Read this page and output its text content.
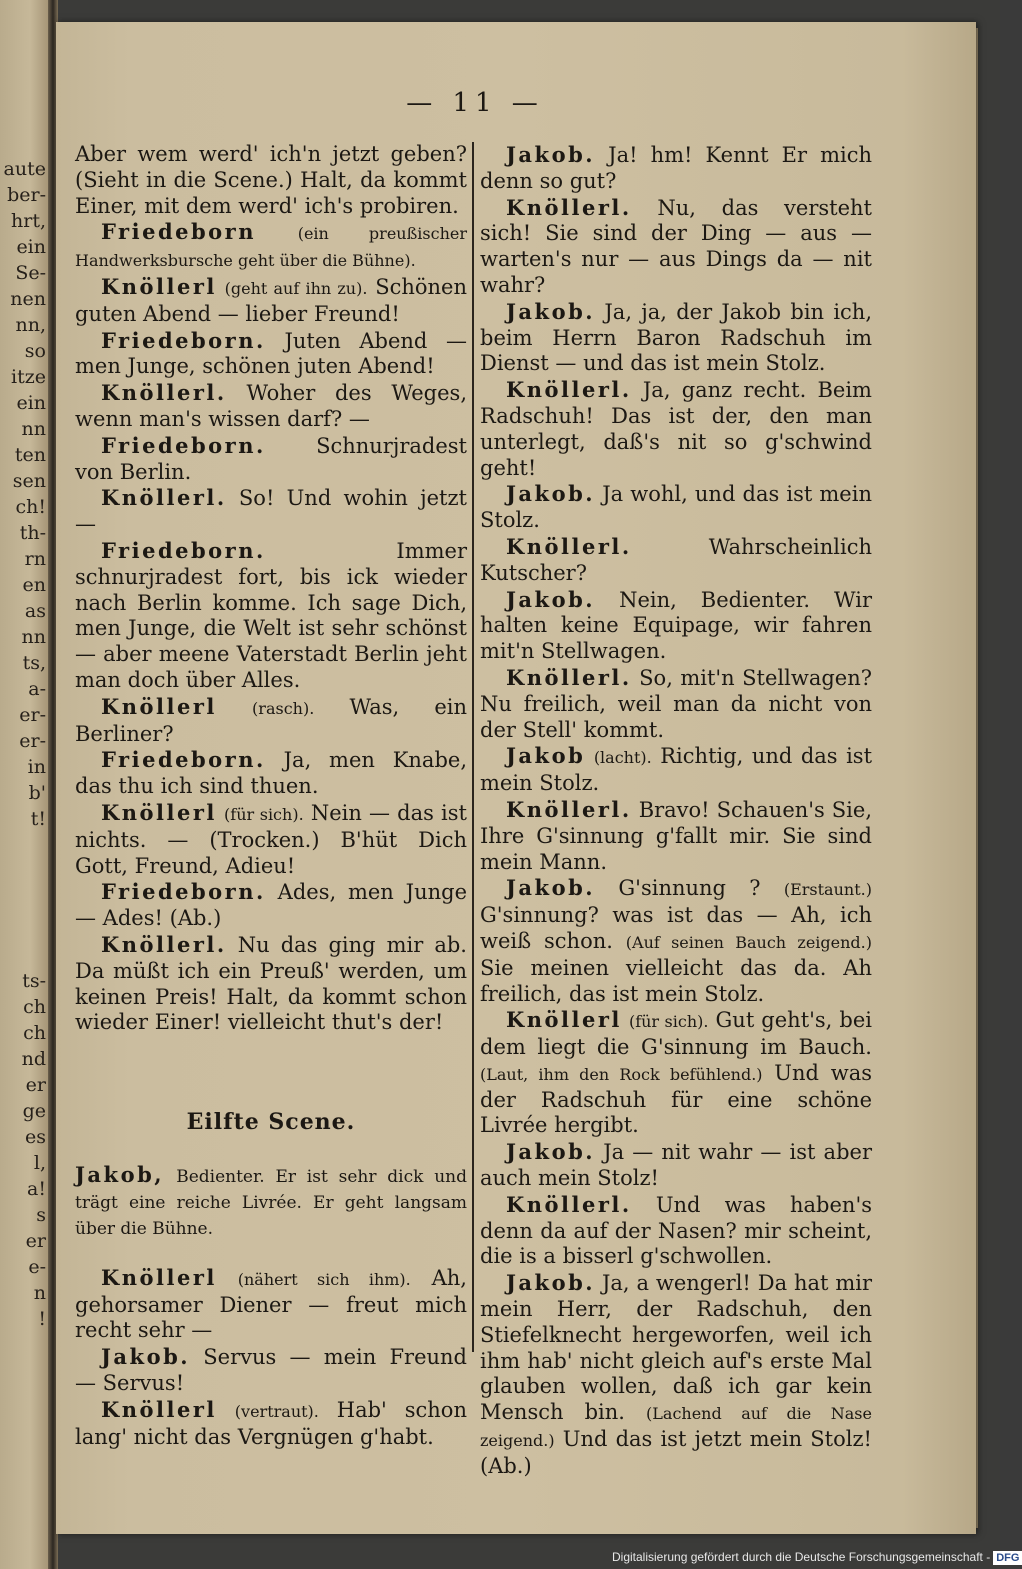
aute
ber-
hrt,
ein
Se-
nen
nn,
so
itze
ein
nn
ten
sen
ch!
th-
rn
en
as
nn
ts,
a-
er-
er-
in
b'
t!
ts-
ch
ch
nd
er
ge
es
l,
a!
s
er
e-
n
!
— 11 —

Aber wem werd' ich'n jetzt geben? (Sieht in die Scene.) Halt, da kommt Einer, mit dem werd' ich's probiren.

Friedeborn	(ein preußischer Handwerksbursche geht über die Bühne).

Knöllerl (geht auf ihn zu). Schönen guten Abend — lieber Freund!

Friedeborn. Juten Abend — men Junge, schönen juten Abend!

Knöllerl. Woher des Weges, wenn man's wissen darf? —

Friedeborn. Schnurjradest von Berlin.

Knöllerl. So! Und wohin jetzt —

Friedeborn.	Immer schnurjradest fort, bis ick wieder nach Berlin komme. Ich sage Dich, men Junge, die Welt ist sehr schönst — aber meene Vaterstadt Berlin jeht man doch über Alles.

Knöllerl (rasch). Was, ein Berliner?

Friedeborn. Ja, men Knabe, das thu ich sind thuen.

Knöllerl (für sich). Nein — das ist nichts. — (Trocken.) B'hüt Dich Gott, Freund, Adieu!

Friedeborn. Ades, men Junge — Ades! (Ab.)

Knöllerl. Nu das ging mir ab. Da müßt ich ein Preuß' werden, um keinen Preis! Halt, da kommt schon wieder Einer! vielleicht thut's der!

Eilfte Scene.

Jakob, Bedienter. Er ist sehr dick und trägt eine reiche Livrée. Er geht langsam über die Bühne.

Knöllerl (nähert sich ihm). Ah, gehorsamer Diener — freut mich recht sehr —

Jakob. Servus — mein Freund — Servus!

Knöllerl (vertraut). Hab' schon lang' nicht das Vergnügen g'habt.

Jakob. Ja! hm! Kennt Er mich denn so gut?

Knöllerl. Nu, das versteht sich! Sie sind der Ding — aus — warten's nur — aus Dings da — nit wahr?

Jakob. Ja, ja, der Jakob bin ich, beim Herrn Baron Radschuh im Dienst — und das ist mein Stolz.

Knöllerl. Ja, ganz recht. Beim Radschuh! Das ist der, den man unterlegt, daß's nit so g'schwind geht!

Jakob. Ja wohl, und das ist mein Stolz.

Knöllerl.	Wahrscheinlich Kutscher?

Jakob. Nein, Bedienter. Wir halten keine Equipage, wir fahren mit'n Stellwagen.

Knöllerl. So, mit'n Stellwagen? Nu freilich, weil man da nicht von der Stell' kommt.

Jakob (lacht). Richtig, und das ist mein Stolz.

Knöllerl. Bravo! Schauen's Sie, Ihre G'sinnung g'fallt mir. Sie sind mein Mann.

Jakob. G'sinnung ? (Erstaunt.) G'sinnung? was ist das — Ah, ich weiß schon. (Auf seinen Bauch zeigend.) Sie meinen vielleicht das da. Ah freilich, das ist mein Stolz.

Knöllerl (für sich). Gut geht's, bei dem liegt die G'sinnung im Bauch. (Laut, ihm den Rock befühlend.) Und was der Radschuh für eine schöne Livrée hergibt.

Jakob. Ja — nit wahr — ist aber auch mein Stolz!

Knöllerl. Und was haben's denn da auf der Nasen? mir scheint, die is a bisserl g'schwollen.

Jakob. Ja, a wengerl! Da hat mir mein Herr, der Radschuh, den Stiefelknecht hergeworfen, weil ich ihm hab' nicht gleich auf's erste Mal glauben wollen, daß ich gar kein Mensch bin. (Lachend auf die Nase zeigend.) Und das ist jetzt mein Stolz! (Ab.)

Digitalisierung gefördert durch die Deutsche Forschungsgemeinschaft - DFG
